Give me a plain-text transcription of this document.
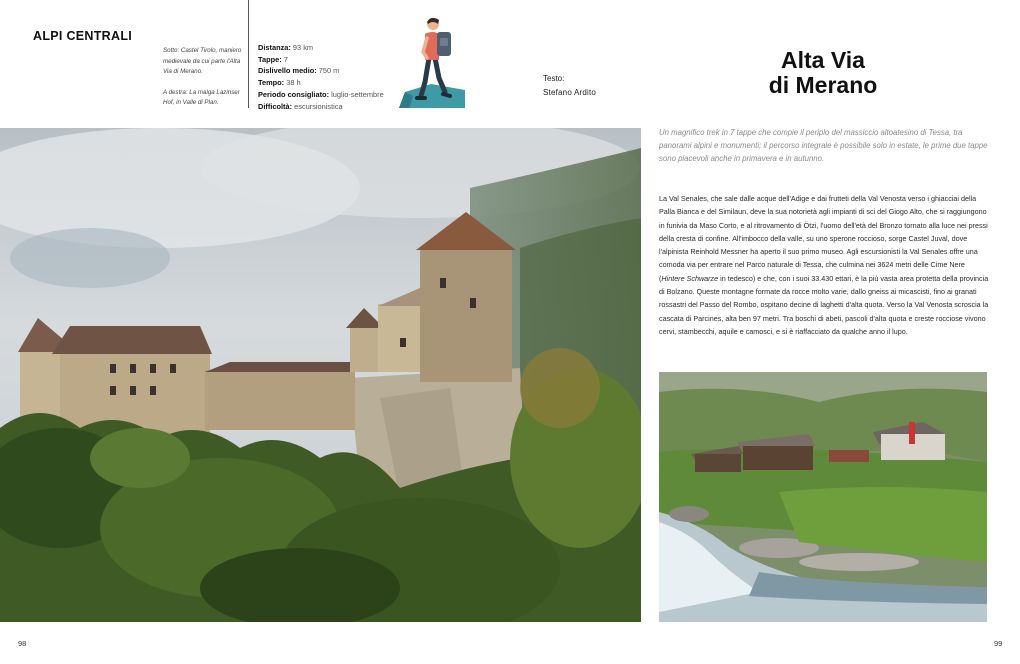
ALPI CENTRALI

Sotto: Castel Tirolo, maniero medievale da cui parte l'Alta Via di Merano.

A destra: La malga Lazinser Hof, in Valle di Plan.

Distanza: 93 km
Tappe: 7
Dislivello medio: 750 m
Tempo: 38 h
Periodo consigliato: luglio-settembre
Difficoltà: escursionistica
Testo:
Stefano Ardito
Alta Via
di Merano
Un magnifico trek in 7 tappe che compie il periplo del massiccio altoatesino di Tessa, tra panorami alpini e monumenti; il percorso integrale è possibile solo in estate, le prime due tappe sono piacevoli anche in primavera e in autunno.
La Val Senales, che sale dalle acque dell'Adige e dai frutteti della Val Venosta verso i ghiacciai della Palla Bianca e del Similaun, deve la sua notorietà agli impianti di sci del Giogo Alto, che si raggiungono in funivia da Maso Corto, e al ritrovamento di Ötzi, l'uomo dell'età del Bronzo tornato alla luce nei pressi della cresta di confine. All'imbocco della valle, su uno sperone roccioso, sorge Castel Juval, dove l'alpinista Reinhold Messner ha aperto il suo primo museo. Agli escursionisti la Val Senales offre una comoda via per entrare nel Parco naturale di Tessa, che culmina nei 3624 metri delle Cime Nere (Hintere Schwarze in tedesco) e che, con i suoi 33.430 ettari, è la più vasta area protetta della provincia di Bolzano. Queste montagne formate da rocce molto varie, dallo gneiss ai micascisti, fino ai granati rossastri del Passo del Rombo, ospitano decine di laghetti d'alta quota. Verso la Val Venosta scroscia la cascata di Parcines, alta ben 97 metri. Tra boschi di abeti, pascoli d'alta quota e creste rocciose vivono cervi, stambecchi, aquile e camosci, e si è riaffacciato da qualche anno il lupo.
98	99
